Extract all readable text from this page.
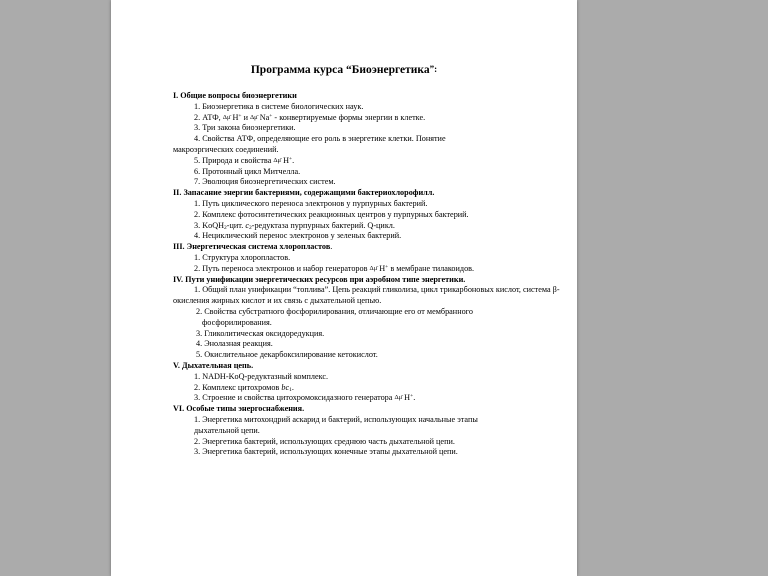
Программа курса “Биоэнергетика”:
I. Общие вопросы биоэнергетики
1. Биоэнергетика в системе биологических наук.
2. АТФ, Δμ̄ H+ и Δμ̄ Na+ - конвертируемые формы энергии в клетке.
3. Три закона биоэнергетики.
4. Свойства АТФ, определяющие его роль в энергетике клетки. Понятие
макроэргических соединений.
5. Природа и свойства Δμ̄ H+.
6. Протонный цикл Митчелла.
7. Эволюция биоэнергетических систем.
II. Запасание энергии бактериями, содержащими бактериохлорофилл.
1. Путь циклического переноса электронов у пурпурных бактерий.
2. Комплекс фотосинтетических реакционных центров у пурпурных бактерий.
3. KoQH$_2$-цит. $c_2$-редуктаза пурпурных бактерий. Q-цикл.
4. Нециклический перенос электронов у зеленых бактерий.
III. Энергетическая система хлоропластов.
1. Структура хлоропластов.
2. Путь переноса электронов и набор генераторов Δμ̄ H+ в мембране тилакоидов.
IV. Пути унификации энергетических ресурсов при аэробном типе энергетики.
1. Общий план унификации “топлива”. Цепь реакций гликолиза, цикл трикарбоновых кислот, система β-окисления жирных кислот и их связь с дыхательной цепью.
2. Свойства субстратного фосфорилирования, отличающие его от мембранного
фосфорилирования.
3. Гликолитическая оксидоредукция.
4. Энолазная реакция.
5. Окислительное декарбоксилирование кетокислот.
V. Дыхательная цепь.
1. NADH-KoQ-редуктазный комплекс.
2. Комплекс цитохромов $bc_1$.
3. Строение и свойства цитохромоксидазного генератора Δμ̄ H+.
VI. Особые типы энергоснабжения.
1. Энергетика митохондрий аскарид и бактерий, использующих начальные этапы дыхательной цепи.
2. Энергетика бактерий, использующих среднюю часть дыхательной цепи.
3. Энергетика бактерий, использующих конечные этапы дыхательной цепи.
